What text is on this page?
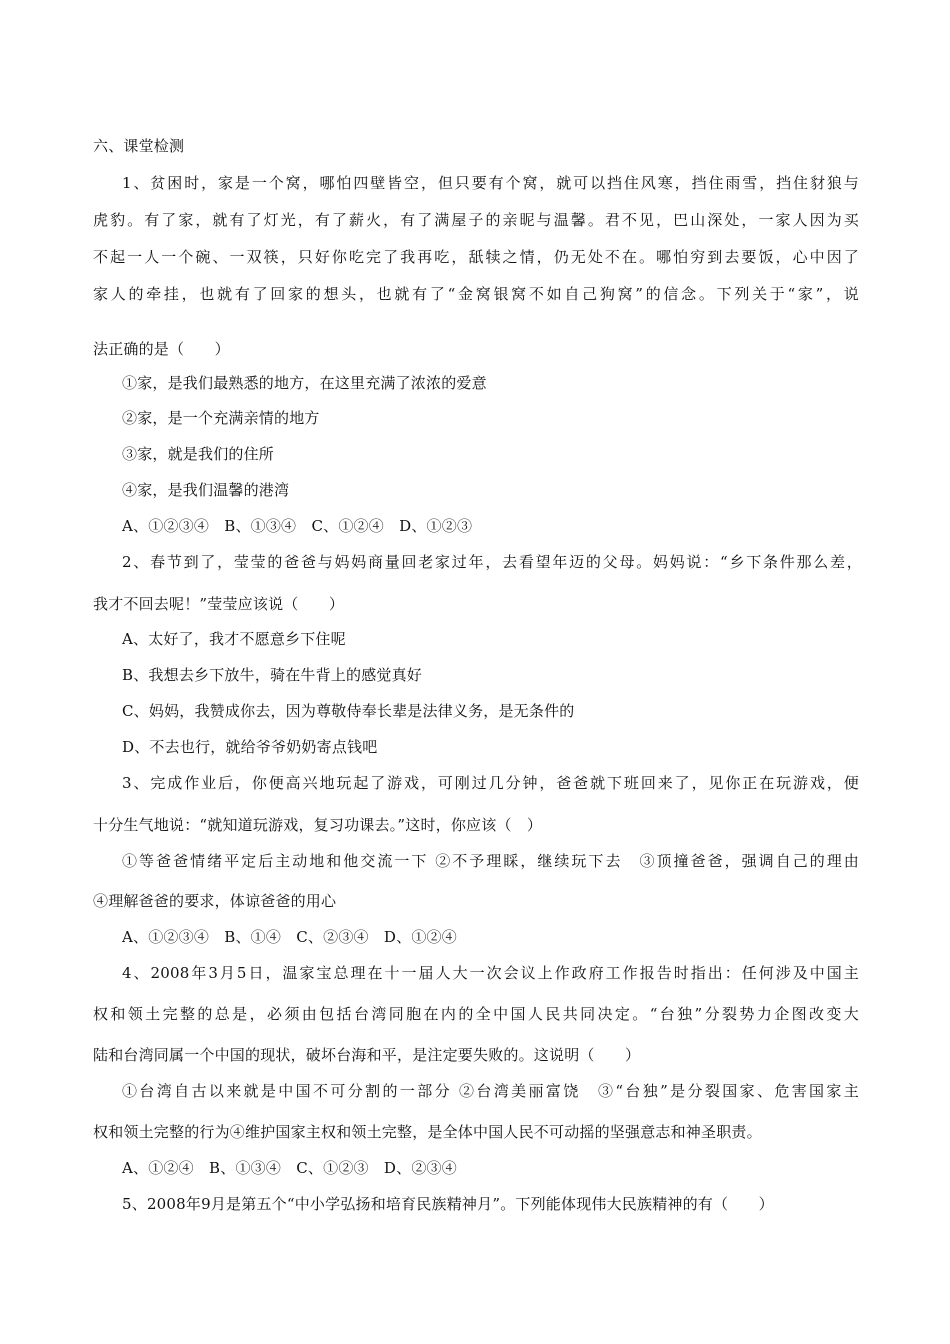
六、课堂检测
1、贫困时，家是一个窝，哪怕四壁皆空，但只要有个窝，就可以挡住风寒，挡住雨雪，挡住豺狼与
虎豹。有了家，就有了灯光，有了薪火，有了满屋子的亲昵与温馨。君不见，巴山深处，一家人因为买
不起一人一个碗、一双筷，只好你吃完了我再吃，舐犊之情，仍无处不在。哪怕穷到去要饭，心中因了
家人的牵挂，也就有了回家的想头，也就有了“金窝银窝不如自己狗窝”的信念。下列关于“家”，说
法正确的是（　　）
①家，是我们最熟悉的地方，在这里充满了浓浓的爱意
②家，是一个充满亲情的地方
③家，就是我们的住所
④家，是我们温馨的港湾
A、①②③④　B、①③④　C、①②④　D、①②③
2、春节到了，莹莹的爸爸与妈妈商量回老家过年，去看望年迈的父母。妈妈说：“乡下条件那么差，
我才不回去呢！”莹莹应该说（　　）
A、太好了，我才不愿意乡下住呢
B、我想去乡下放牛，骑在牛背上的感觉真好
C、妈妈，我赞成你去，因为尊敬侍奉长辈是法律义务，是无条件的
D、不去也行，就给爷爷奶奶寄点钱吧
3、完成作业后，你便高兴地玩起了游戏，可刚过几分钟，爸爸就下班回来了，见你正在玩游戏，便
十分生气地说：“就知道玩游戏，复习功课去。”这时，你应该（　）
①等爸爸情绪平定后主动地和他交流一下 ②不予理睬，继续玩下去　③顶撞爸爸，强调自己的理由
④理解爸爸的要求，体谅爸爸的用心
A、①②③④　B、①④　C、②③④　D、①②④
4、2008年3月5日，温家宝总理在十一届人大一次会议上作政府工作报告时指出：任何涉及中国主
权和领土完整的总是，必须由包括台湾同胞在内的全中国人民共同决定。“台独”分裂势力企图改变大
陆和台湾同属一个中国的现状，破坏台海和平，是注定要失败的。这说明（　　）
①台湾自古以来就是中国不可分割的一部分 ②台湾美丽富饶　③“台独”是分裂国家、危害国家主
权和领土完整的行为④维护国家主权和领土完整，是全体中国人民不可动摇的坚强意志和神圣职责。
A、①②④　B、①③④　C、①②③　D、②③④
5、2008年9月是第五个“中小学弘扬和培育民族精神月”。下列能体现伟大民族精神的有（　　）
